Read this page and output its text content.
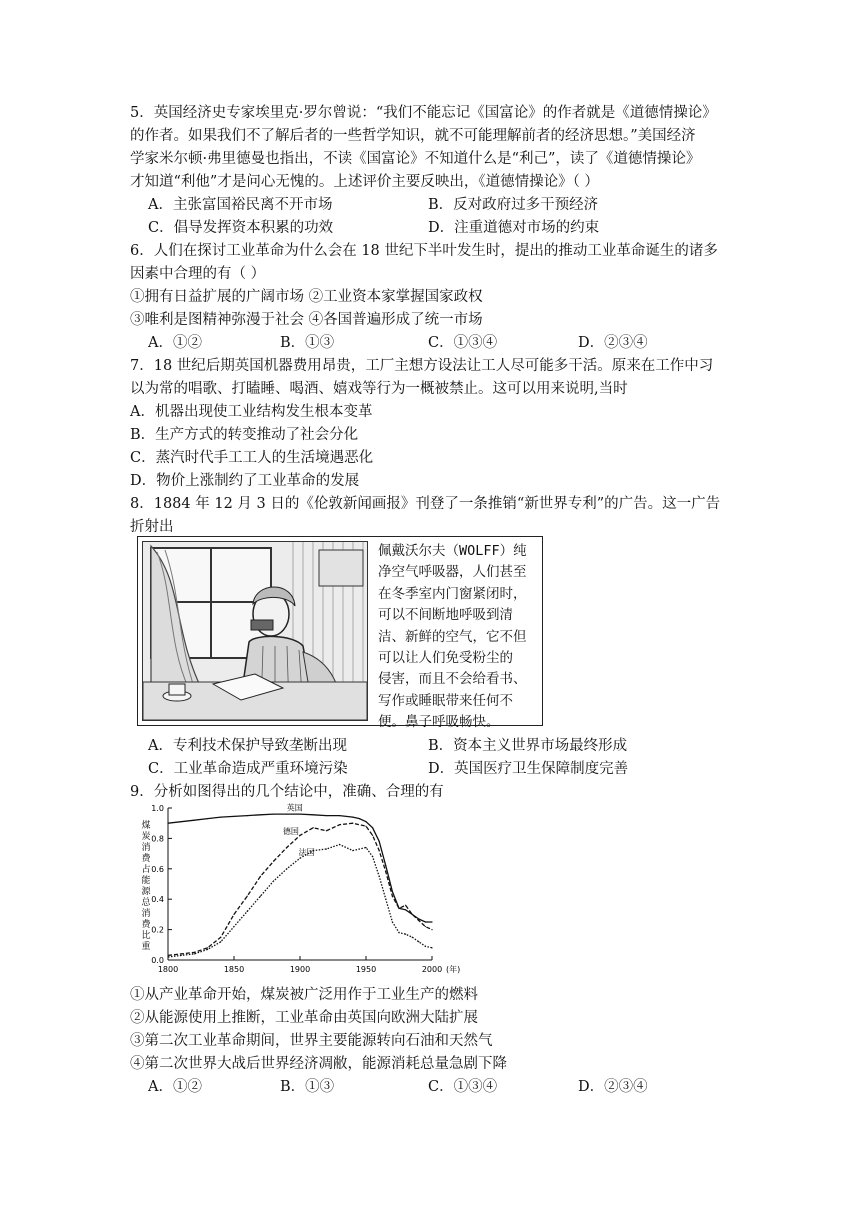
5．英国经济史专家埃里克·罗尔曾说：“我们不能忘记《国富论》的作者就是《道德情操论》
的作者。如果我们不了解后者的一些哲学知识，就不可能理解前者的经济思想。”美国经济
学家米尔顿·弗里德曼也指出，不读《国富论》不知道什么是“利己”，读了《道德情操论》
才知道“利他”才是问心无愧的。上述评价主要反映出，《道德情操论》（ ）
A．主张富国裕民离不开市场	B．反对政府过多干预经济
C．倡导发挥资本积累的功效	D．注重道德对市场的约束
6．人们在探讨工业革命为什么会在 18 世纪下半叶发生时，提出的推动工业革命诞生的诸多
因素中合理的有（ ）
①拥有日益扩展的广阔市场 ②工业资本家掌握国家政权
③唯利是图精神弥漫于社会 ④各国普遍形成了统一市场
A．①②	B．①③	C．①③④	D．②③④
7．18 世纪后期英国机器费用昂贵，工厂主想方设法让工人尽可能多干活。原来在工作中习
以为常的唱歌、打瞌睡、喝酒、嬉戏等行为一概被禁止。这可以用来说明,当时
A．机器出现使工业结构发生根本变革
B．生产方式的转变推动了社会分化
C．蒸汽时代手工工人的生活境遇恶化
D．物价上涨制约了工业革命的发展
8．1884 年 12 月 3 日的《伦敦新闻画报》刊登了一条推销“新世界专利”的广告。这一广告
折射出
佩戴沃尔夫（WOLFF）纯
净空气呼吸器，人们甚至
在冬季室内门窗紧闭时，
可以不间断地呼吸到清
洁、新鲜的空气，它不但
可以让人们免受粉尘的
侵害，而且不会给看书、
写作或睡眠带来任何不
便。鼻子呼吸畅快。
A．专利技术保护导致垄断出现	B．资本主义世界市场最终形成
C．工业革命造成严重环境污染	D．英国医疗卫生保障制度完善
9．分析如图得出的几个结论中，准确、合理的有
0.0
0.2
0.4
0.6
0.8
1.0
1800	1850	1900	1950	2000 (年)
煤
炭
消
费
占
能
源
总
消
费
比
重
英国
德国
法国
①从产业革命开始，煤炭被广泛用作于工业生产的燃料
②从能源使用上推断，工业革命由英国向欧洲大陆扩展
③第二次工业革命期间，世界主要能源转向石油和天然气
④第二次世界大战后世界经济凋敝，能源消耗总量急剧下降
A．①②	B．①③	C．①③④	D．②③④
